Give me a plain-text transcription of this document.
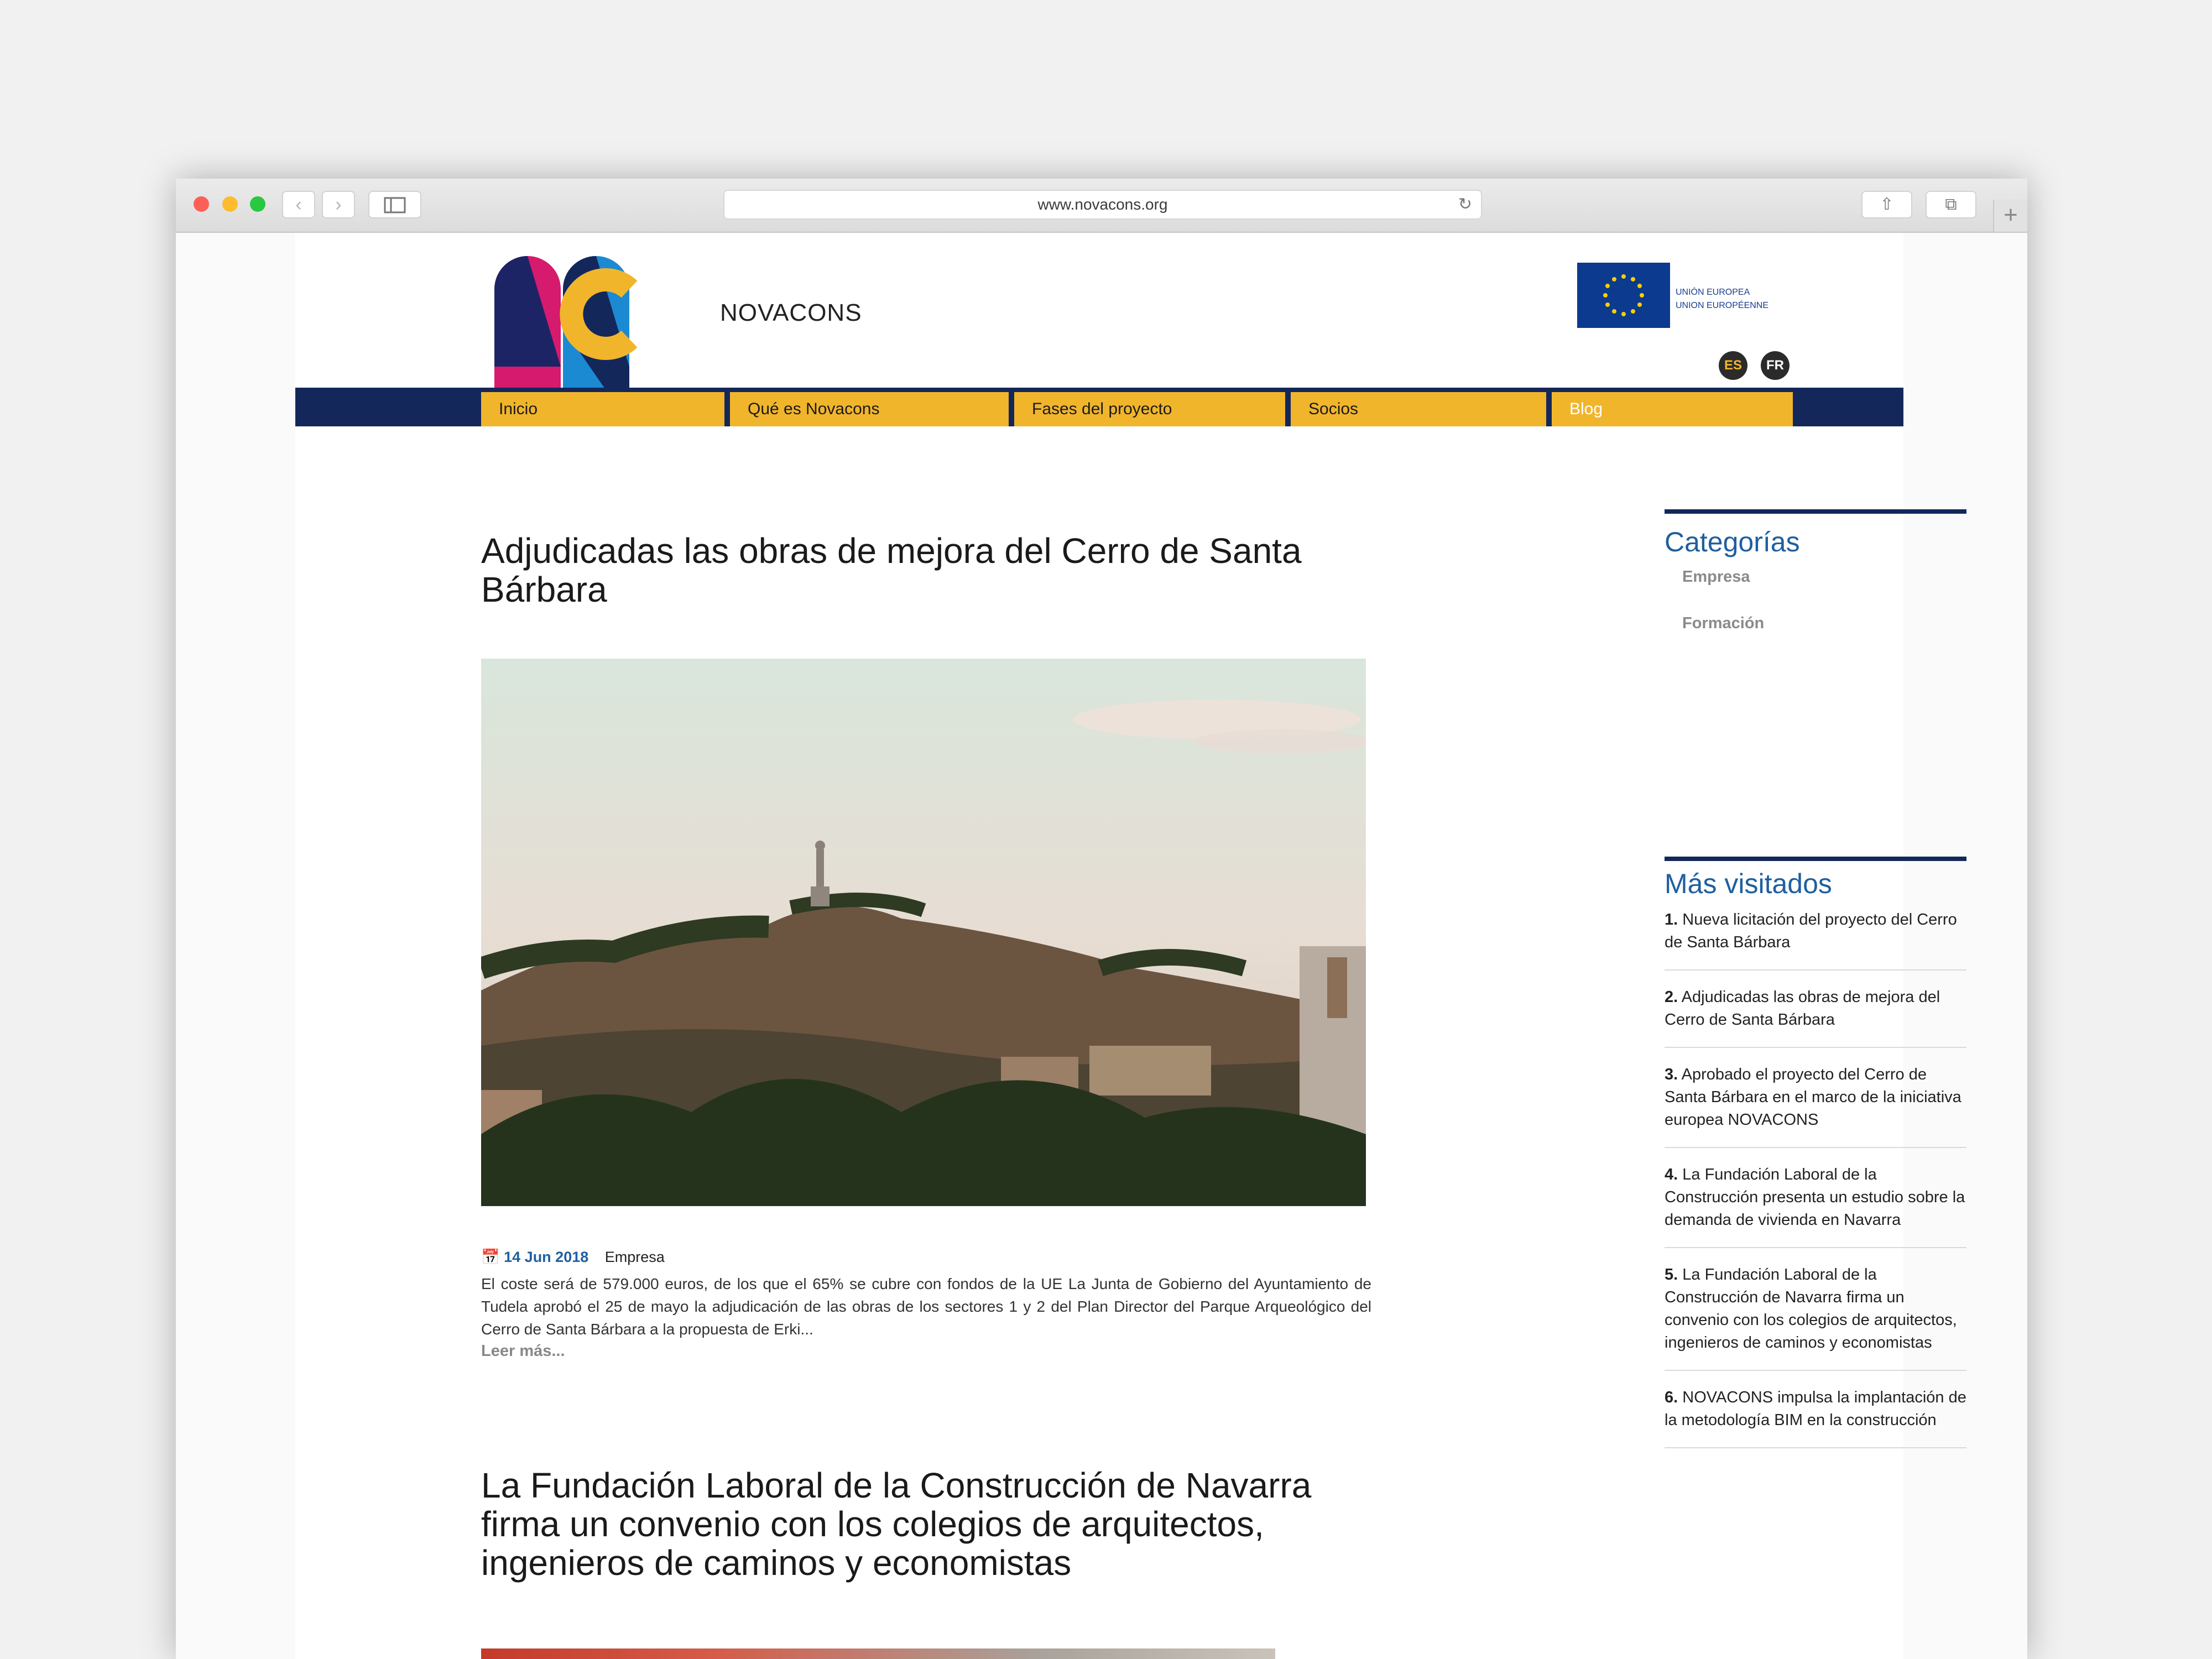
‹	›	www.novacons.org	↻	⇧	⧉	+
NOVACONS
UNIÓN EUROPEA
UNION EUROPÉENNE
ES	FR
Inicio	Qué es Novacons	Fases del proyecto	Socios	Blog
Adjudicadas las obras de mejora del Cerro de Santa Bárbara
📅 14 Jun 2018 Empresa

El coste será de 579.000 euros, de los que el 65% se cubre con fondos de la UE La Junta de Gobierno del Ayuntamiento de Tudela aprobó el 25 de mayo la adjudicación de las obras de los sectores 1 y 2 del Plan Director del Parque Arqueológico del Cerro de Santa Bárbara a la propuesta de Erki...

Leer más...
La Fundación Laboral de la Construcción de Navarra firma un convenio con los colegios de arquitectos, ingenieros de caminos y economistas
Categorías
Empresa
Formación
Más visitados
1. Nueva licitación del proyecto del Cerro de Santa Bárbara
2. Adjudicadas las obras de mejora del Cerro de Santa Bárbara
3. Aprobado el proyecto del Cerro de Santa Bárbara en el marco de la iniciativa europea NOVACONS
4. La Fundación Laboral de la Construcción presenta un estudio sobre la demanda de vivienda en Navarra
5. La Fundación Laboral de la Construcción de Navarra firma un convenio con los colegios de arquitectos, ingenieros de caminos y economistas
6. NOVACONS impulsa la implantación de la metodología BIM en la construcción
